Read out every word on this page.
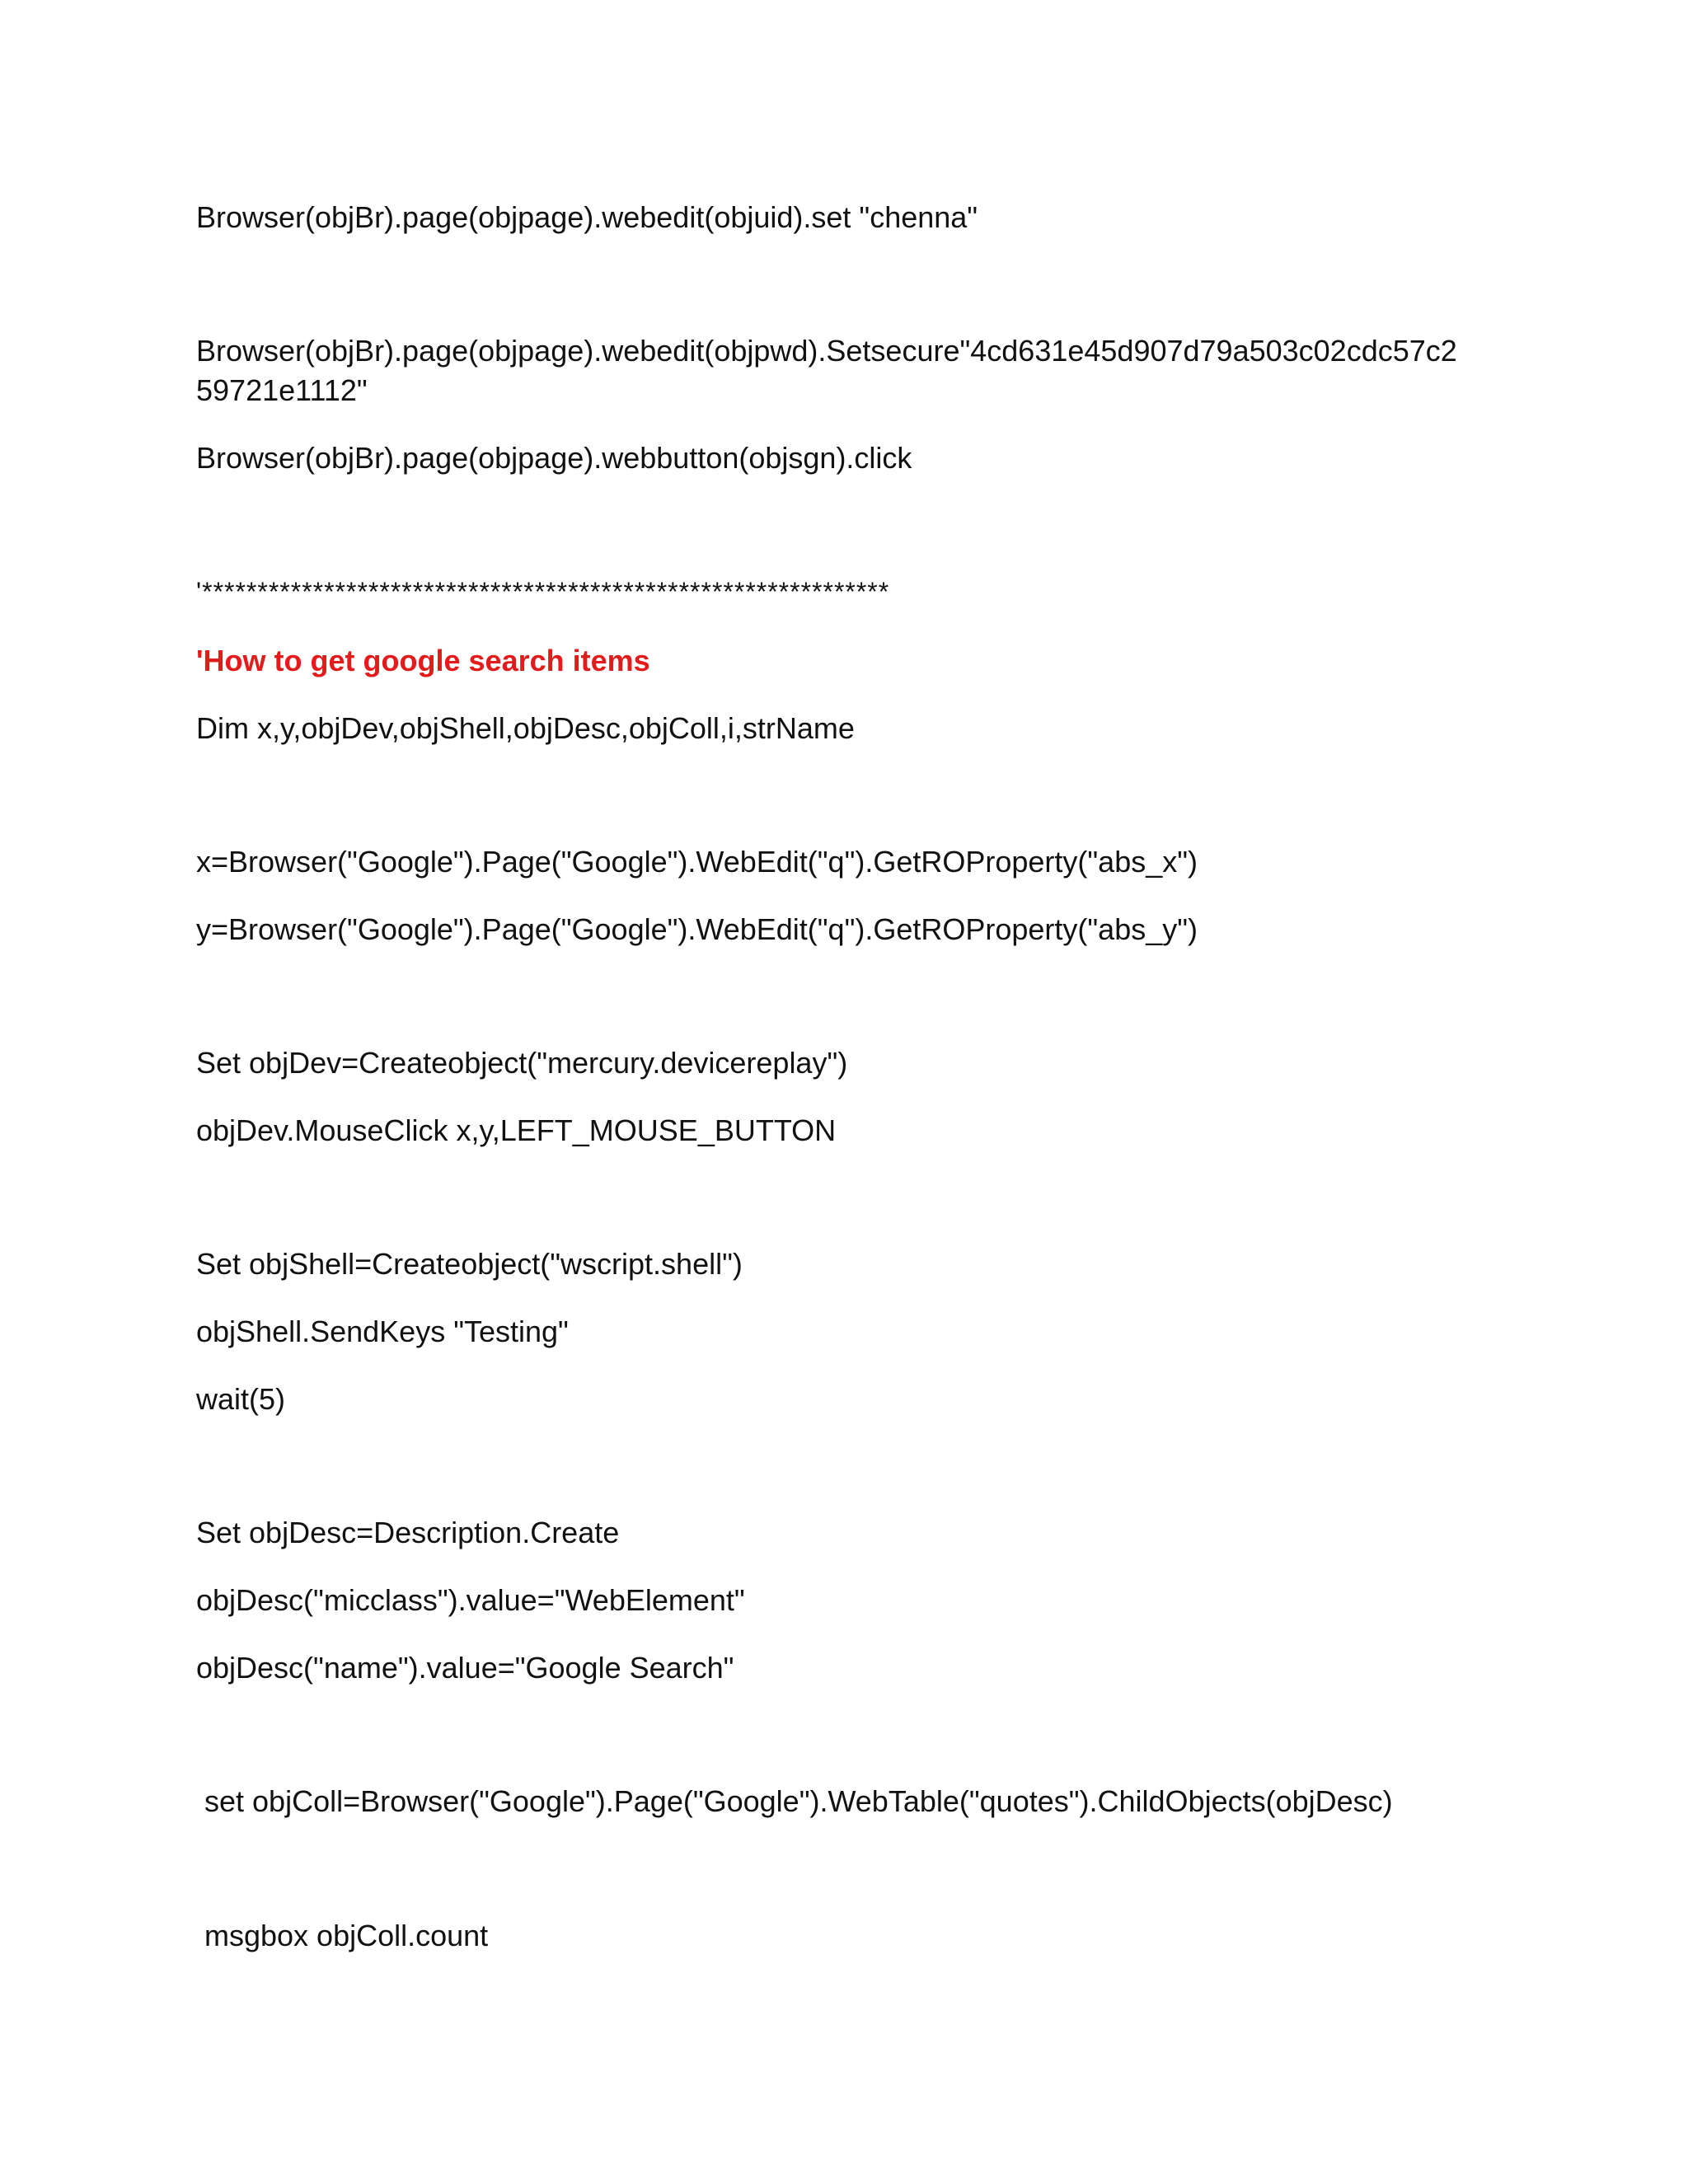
Browser(objBr).page(objpage).webedit(objuid).set "chenna"
Browser(objBr).page(objpage).webedit(objpwd).Setsecure"4cd631e45d907d79a503c02cdc57c2
59721e1112"
Browser(objBr).page(objpage).webbutton(objsgn).click
'**************************************************************
'How to get google search items
Dim x,y,objDev,objShell,objDesc,objColl,i,strName
x=Browser("Google").Page("Google").WebEdit("q").GetROProperty("abs_x")
y=Browser("Google").Page("Google").WebEdit("q").GetROProperty("abs_y")
Set objDev=Createobject("mercury.devicereplay")
objDev.MouseClick x,y,LEFT_MOUSE_BUTTON
Set objShell=Createobject("wscript.shell")
objShell.SendKeys "Testing"
wait(5)
Set objDesc=Description.Create
objDesc("micclass").value="WebElement"
objDesc("name").value="Google Search"
set objColl=Browser("Google").Page("Google").WebTable("quotes").ChildObjects(objDesc)
msgbox objColl.count
